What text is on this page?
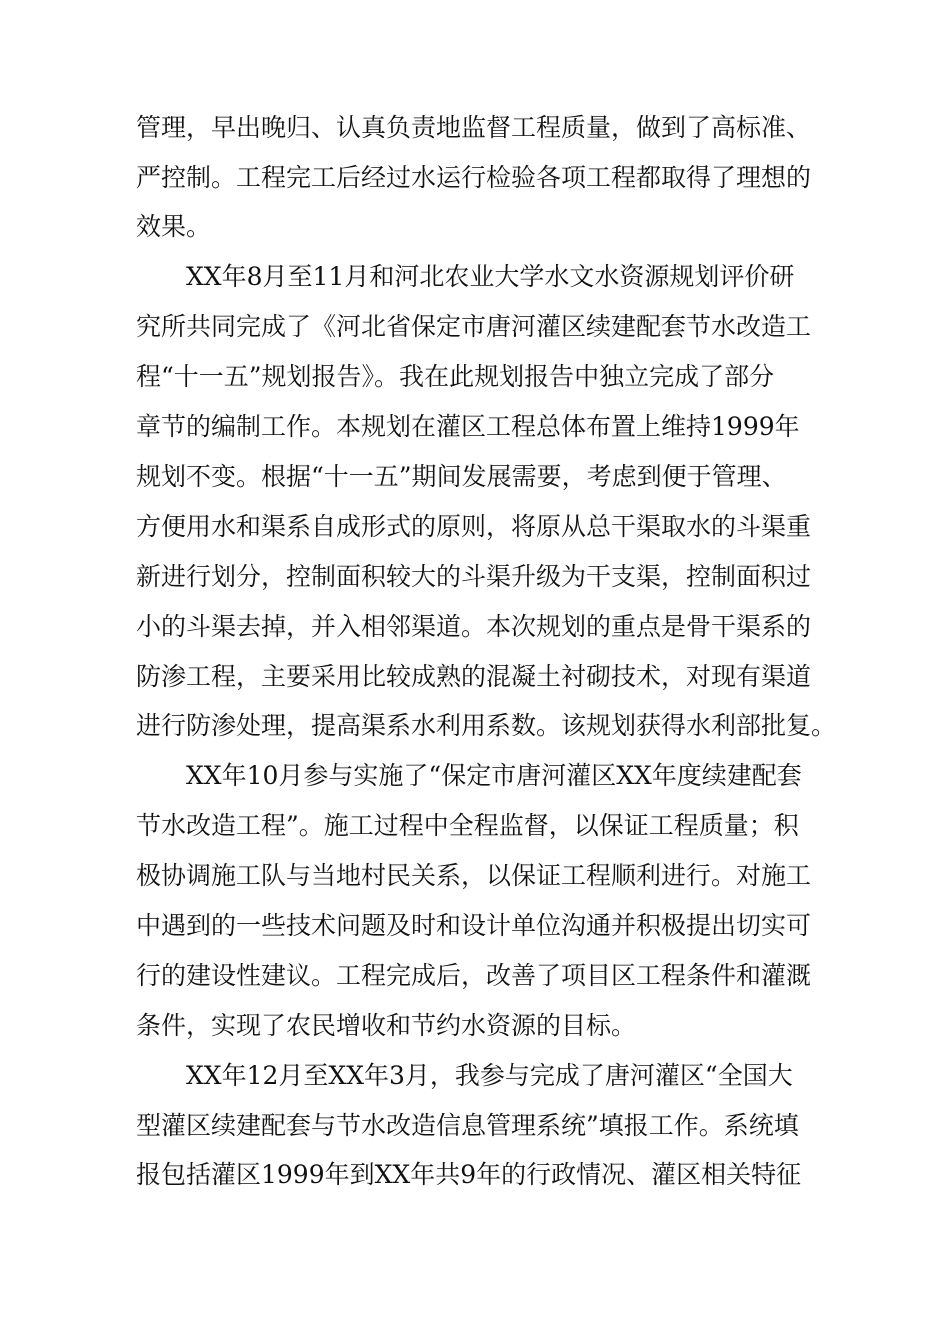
管理，早出晚归、认真负责地监督工程质量，做到了高标准、

严控制。工程完工后经过水运行检验各项工程都取得了理想的

效果。

XX年8月至11月和河北农业大学水文水资源规划评价研

究所共同完成了《河北省保定市唐河灌区续建配套节水改造工

程“十一五”规划报告》。我在此规划报告中独立完成了部分

章节的编制工作。本规划在灌区工程总体布置上维持1999年

规划不变。根据“十一五”期间发展需要，考虑到便于管理、

方便用水和渠系自成形式的原则，将原从总干渠取水的斗渠重

新进行划分，控制面积较大的斗渠升级为干支渠，控制面积过

小的斗渠去掉，并入相邻渠道。本次规划的重点是骨干渠系的

防渗工程，主要采用比较成熟的混凝土衬砌技术，对现有渠道

进行防渗处理，提高渠系水利用系数。该规划获得水利部批复。

XX年10月参与实施了“保定市唐河灌区XX年度续建配套

节水改造工程”。施工过程中全程监督，以保证工程质量；积

极协调施工队与当地村民关系，以保证工程顺利进行。对施工

中遇到的一些技术问题及时和设计单位沟通并积极提出切实可

行的建设性建议。工程完成后，改善了项目区工程条件和灌溉

条件，实现了农民增收和节约水资源的目标。

XX年12月至XX年3月，我参与完成了唐河灌区“全国大

型灌区续建配套与节水改造信息管理系统”填报工作。系统填

报包括灌区1999年到XX年共9年的行政情况、灌区相关特征
